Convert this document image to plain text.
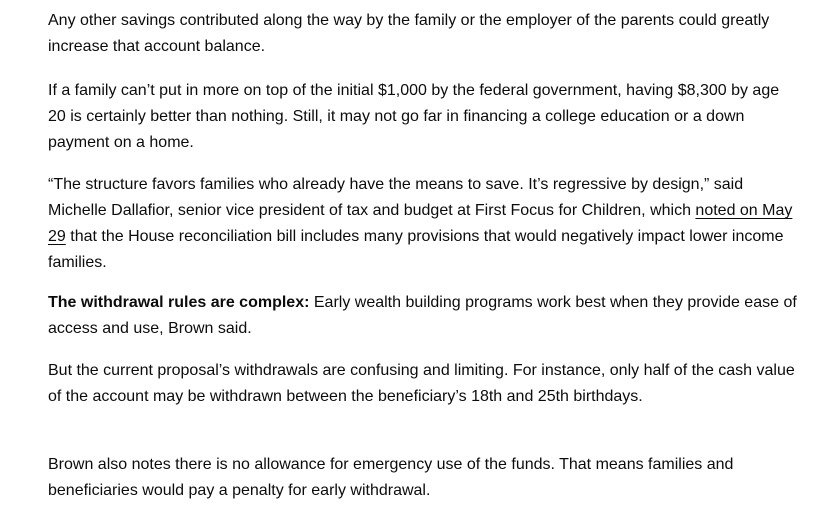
Any other savings contributed along the way by the family or the employer of the parents could greatly increase that account balance.

If a family can’t put in more on top of the initial $1,000 by the federal government, having $8,300 by age 20 is certainly better than nothing. Still, it may not go far in financing a college education or a down payment on a home.

“The structure favors families who already have the means to save. It’s regressive by design,” said Michelle Dallafior, senior vice president of tax and budget at First Focus for Children, which noted on May 29 that the House reconciliation bill includes many provisions that would negatively impact lower income families.

The withdrawal rules are complex: Early wealth building programs work best when they provide ease of access and use, Brown said.

But the current proposal’s withdrawals are confusing and limiting. For instance, only half of the cash value of the account may be withdrawn between the beneficiary’s 18th and 25th birthdays.

Brown also notes there is no allowance for emergency use of the funds. That means families and beneficiaries would pay a penalty for early withdrawal.
